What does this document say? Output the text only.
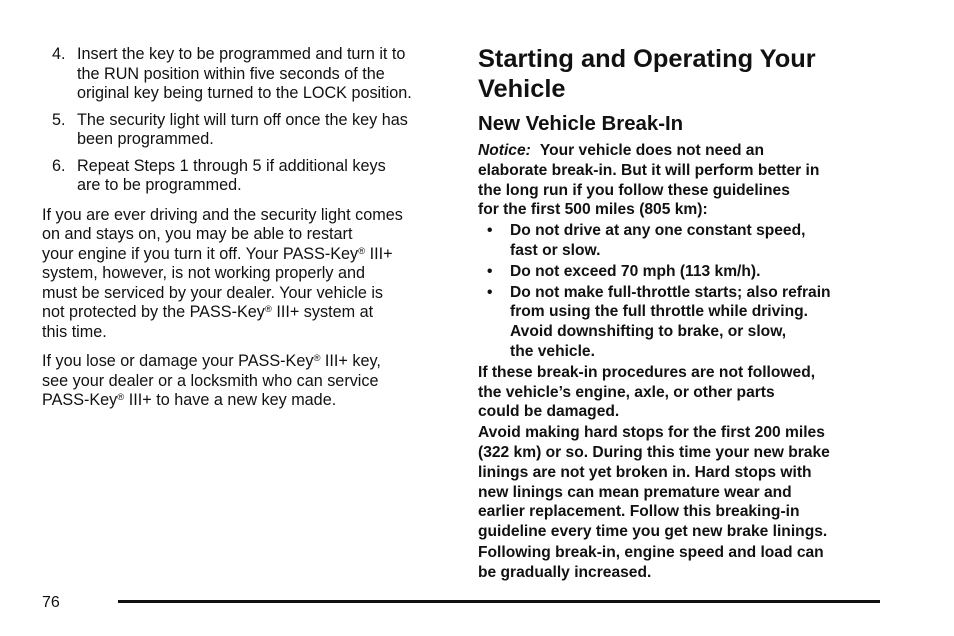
4. Insert the key to be programmed and turn it to
the RUN position within five seconds of the
original key being turned to the LOCK position.
5. The security light will turn off once the key has
been programmed.
6. Repeat Steps 1 through 5 if additional keys
are to be programmed.
If you are ever driving and the security light comes
on and stays on, you may be able to restart
your engine if you turn it off. Your PASS-Key® III+
system, however, is not working properly and
must be serviced by your dealer. Your vehicle is
not protected by the PASS-Key® III+ system at
this time.
If you lose or damage your PASS-Key® III+ key,
see your dealer or a locksmith who can service
PASS-Key® III+ to have a new key made.
Starting and Operating Your
Vehicle
New Vehicle Break-In
Notice: Your vehicle does not need an
elaborate break-in. But it will perform better in
the long run if you follow these guidelines
for the first 500 miles (805 km):
• Do not drive at any one constant speed,
fast or slow.
• Do not exceed 70 mph (113 km/h).
• Do not make full-throttle starts; also refrain
from using the full throttle while driving.
Avoid downshifting to brake, or slow,
the vehicle.
If these break-in procedures are not followed,
the vehicle’s engine, axle, or other parts
could be damaged.
Avoid making hard stops for the first 200 miles
(322 km) or so. During this time your new brake
linings are not yet broken in. Hard stops with
new linings can mean premature wear and
earlier replacement. Follow this breaking-in
guideline every time you get new brake linings.
Following break-in, engine speed and load can
be gradually increased.
76
